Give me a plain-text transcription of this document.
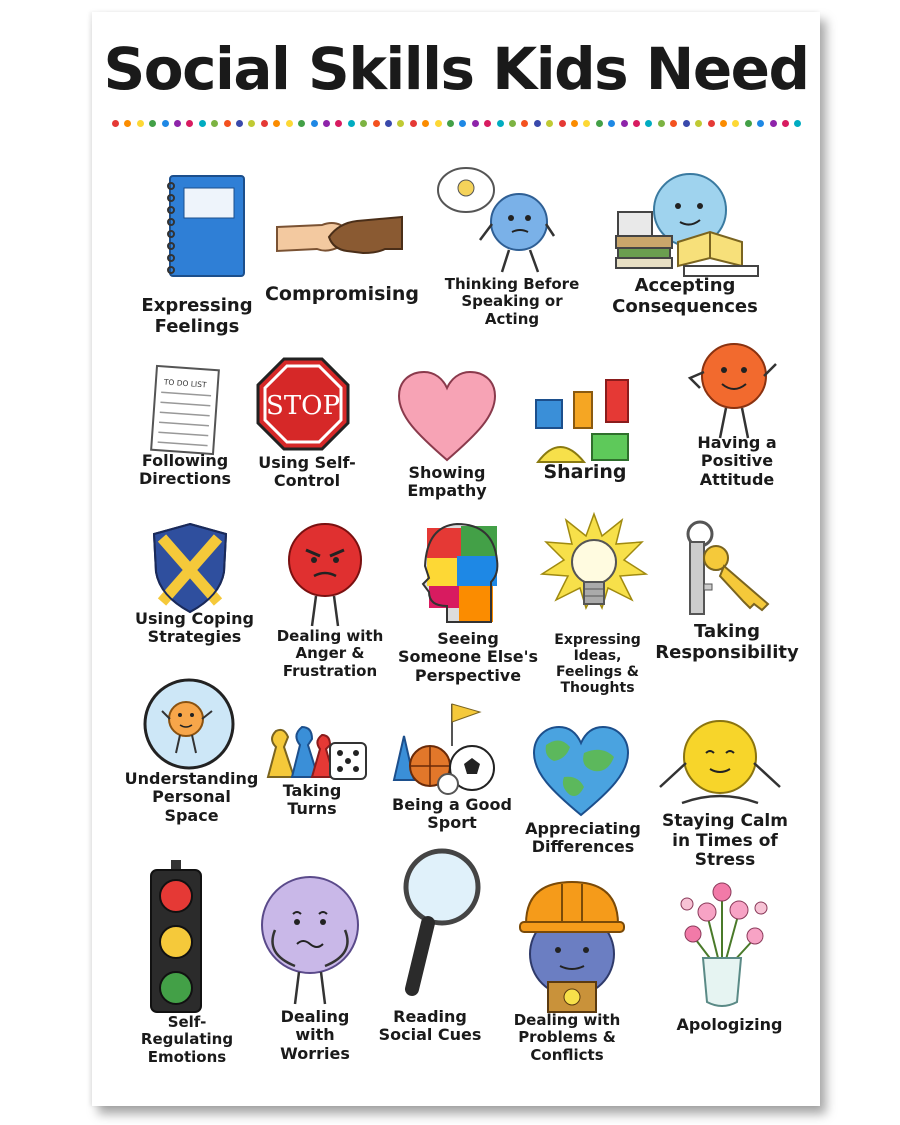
Social Skills Kids Need
Expressing
Feelings
Compromising	Thinking Before
Speaking or
Acting
Accepting
Consequences
TO DO LIST
Following
Directions
STOP
Using Self-
Control	Showing
Empathy
Sharing
Having a
Positive
Attitude
Using Coping
Strategies	Dealing with
Anger &
Frustration
Seeing
Someone Else's
Perspective
Expressing
Ideas,
Feelings &
Thoughts
Taking
Responsibility
Understanding
Personal
Space
Taking
Turns	Being a Good
Sport	Appreciating
Differences
Staying Calm
in Times of
Stress
Self-Regulating
Emotions
Dealing
with
Worries
Reading
Social Cues
Dealing with
Problems &
Conflicts
Apologizing
